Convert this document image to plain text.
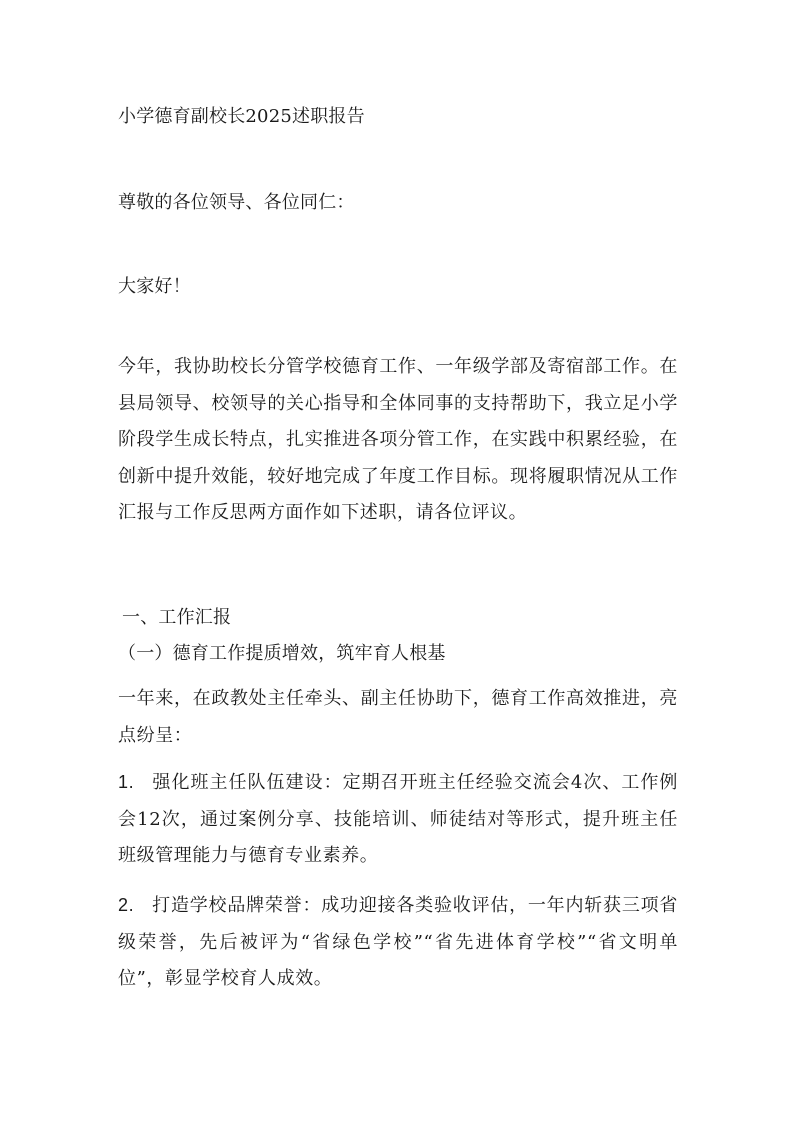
小学德育副校长2025述职报告
尊敬的各位领导、各位同仁：
大家好！
今年，我协助校长分管学校德育工作、一年级学部及寄宿部工作。在县局领导、校领导的关心指导和全体同事的支持帮助下，我立足小学阶段学生成长特点，扎实推进各项分管工作，在实践中积累经验，在创新中提升效能，较好地完成了年度工作目标。现将履职情况从工作汇报与工作反思两方面作如下述职，请各位评议。
一、工作汇报
（一）德育工作提质增效，筑牢育人根基
一年来，在政教处主任牵头、副主任协助下，德育工作高效推进，亮点纷呈：
1. 强化班主任队伍建设：定期召开班主任经验交流会4次、工作例会12次，通过案例分享、技能培训、师徒结对等形式，提升班主任班级管理能力与德育专业素养。
2. 打造学校品牌荣誉：成功迎接各类验收评估，一年内斩获三项省级荣誉，先后被评为“省绿色学校”“省先进体育学校”“省文明单位”，彰显学校育人成效。
